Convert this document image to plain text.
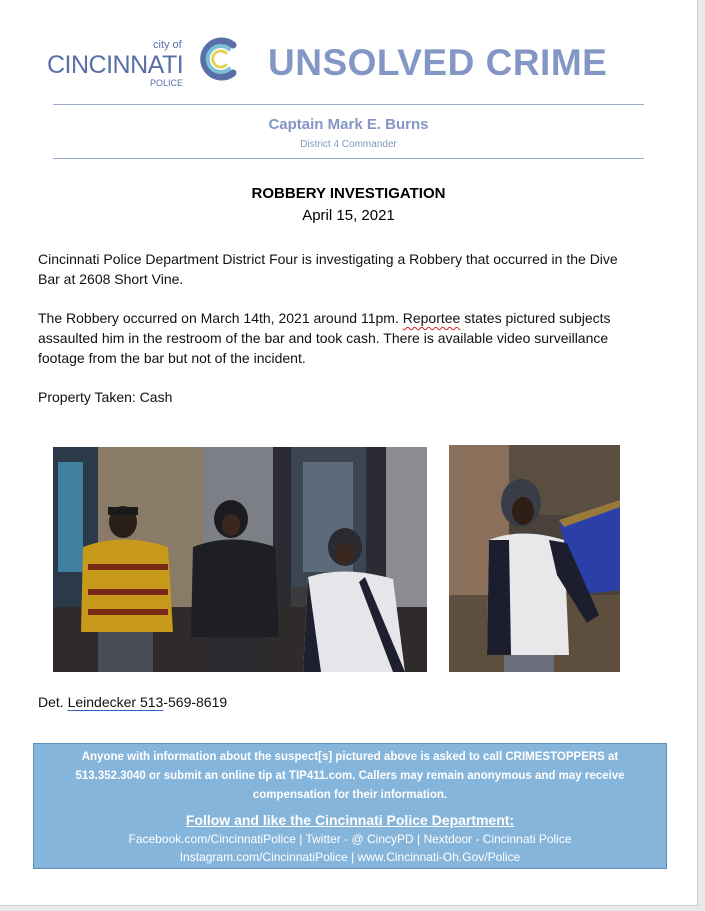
city of
CINCINNATI
POLICE UNSOLVED CRIME
Captain Mark E. Burns
District 4 Commander
ROBBERY INVESTIGATION
April 15, 2021

Cincinnati Police Department District Four is investigating a Robbery that occurred in the Dive
Bar at 2608 Short Vine.

The Robbery occurred on March 14th, 2021 around 11pm. Reportee states pictured subjects
assaulted him in the restroom of the bar and took cash. There is available video surveillance
footage from the bar but not of the incident.

Property Taken: Cash

Det. Leindecker 513-569-8619

Anyone with information about the suspect[s] pictured above is asked to call CRIMESTOPPERS at
513.352.3040 or submit an online tip at TIP411.com. Callers may remain anonymous and may receive
compensation for their information.

Follow and like the Cincinnati Police Department:

Facebook.com/CincinnatiPolice | Twitter - @ CincyPD | Nextdoor - Cincinnati Police

Instagram.com/CincinnatiPolice | www.Cincinnati-Oh.Gov/Police
